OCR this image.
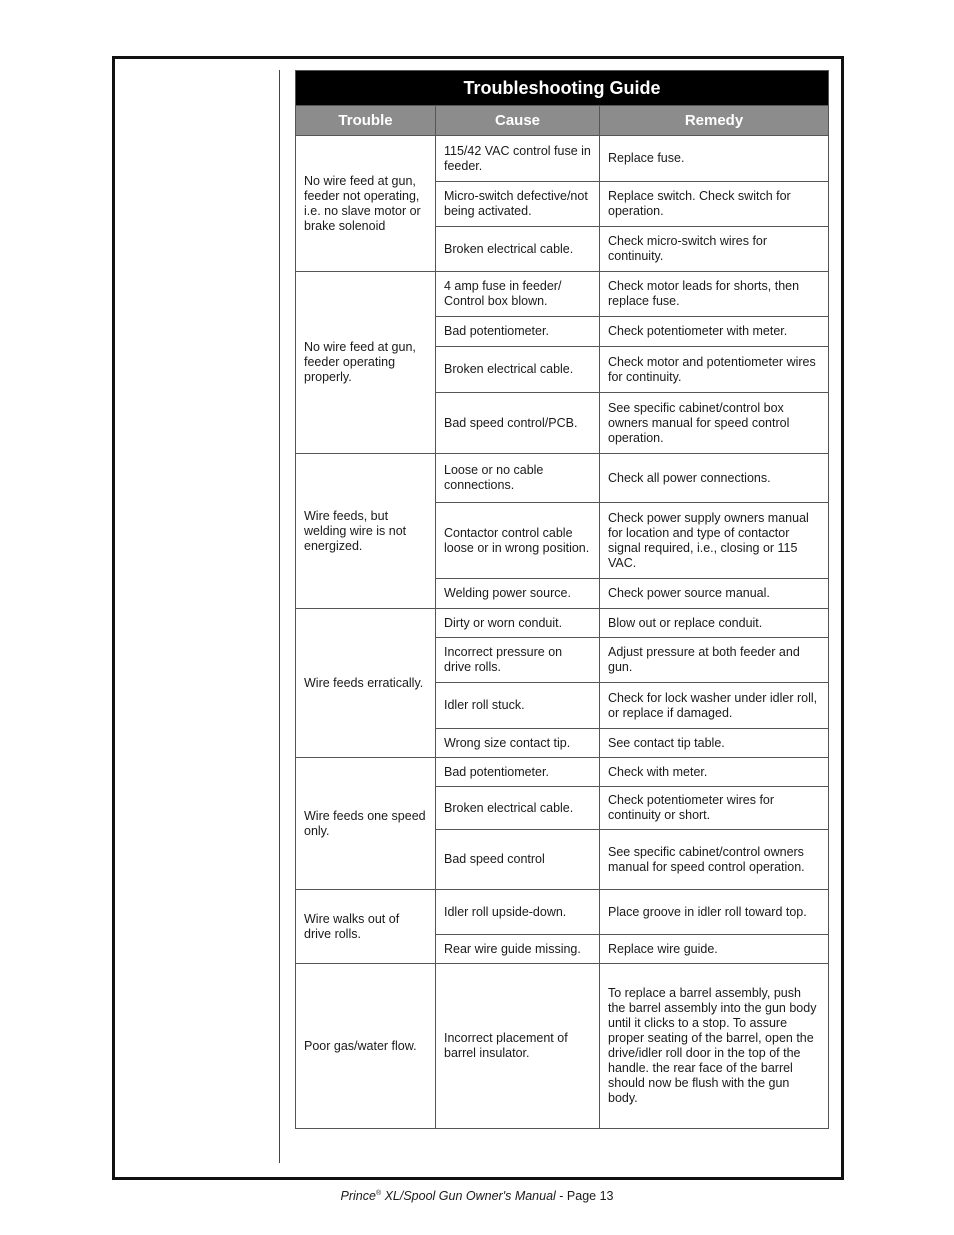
Troubleshooting Guide		
Trouble	Cause	Remedy
No wire feed at gun, feeder not operating, i.e. no slave motor or brake solenoid	115/42 VAC control fuse in feeder.	Replace fuse.
	Micro-switch defective/not being activated.	Replace switch. Check switch for operation.
	Broken electrical cable.	Check micro-switch wires for continuity.
No wire feed at gun, feeder operating properly.	4 amp fuse in feeder/ Control box blown.	Check motor leads for shorts, then replace fuse.
	Bad potentiometer.	Check potentiometer with meter.
	Broken electrical cable.	Check motor and potentiometer wires for continuity.
	Bad speed control/PCB.	See specific cabinet/control box owners manual for speed control operation.
Wire feeds, but welding wire is not energized.	Loose or no cable connections.	Check all power connections.
	Contactor control cable loose or in wrong position.	Check power supply owners manual for location and type of contactor signal required, i.e., closing or 115 VAC.
	Welding power source.	Check power source manual.
Wire feeds erratically.	Dirty or worn conduit.	Blow out or replace conduit.
	Incorrect pressure on drive rolls.	Adjust pressure at both feeder and gun.
	Idler roll stuck.	Check for lock washer under idler roll, or replace if damaged.
	Wrong size contact tip.	See contact tip table.
Wire feeds one speed only.	Bad potentiometer.	Check with meter.
	Broken electrical cable.	Check potentiometer wires for continuity or short.
	Bad speed control	See specific cabinet/control owners manual for speed control operation.
Wire walks out of drive rolls.	Idler roll upside-down.	Place groove in idler roll toward top.
	Rear wire guide missing.	Replace wire guide.
Poor gas/water flow.	Incorrect placement of barrel insulator.	To replace a barrel assembly, push the barrel assembly into the gun body until it clicks to a stop. To assure proper seating of the barrel, open the drive/idler roll door in the top of the handle. the rear face of the barrel should now be flush with the gun body.
Prince® XL/Spool Gun Owner's Manual - Page 13
